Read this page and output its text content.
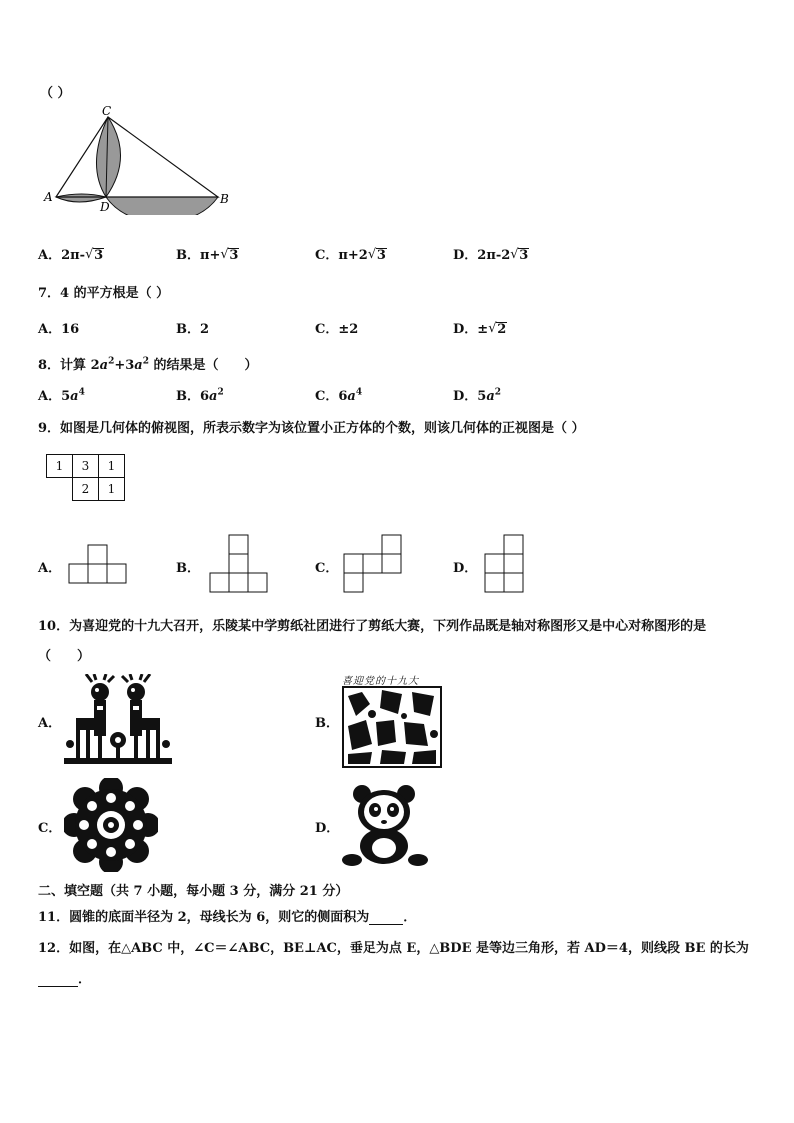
（ ）
C
A
D
B
A．2π- √ 3	B．π+ √ 3	C．π+2 √ 3	D．2π-2 √ 3
7．4 的平方根是（ ）
A．16	B．2	C．±2	D．± √ 2
8．计算 $2a^2+3a^2$ 的结果是（　　）
A．$5a^4$	B．$6a^2$	C．$6a^4$	D．$5a^2$
9．如图是几何体的俯视图，所表示数字为该位置小正方体的个数，则该几何体的正视图是（ ）
1	3	1
	2	1
A．	B．	C．	D．
10．为喜迎党的十九大召开，乐陵某中学剪纸社团进行了剪纸大赛，下列作品既是轴对称图形又是中心对称图形的是
（　　）
A．	B．
喜迎党的十九大
C．	D．
二、填空题（共 7 小题，每小题 3 分，满分 21 分）
11．圆锥的底面半径为 2，母线长为 6，则它的侧面积为	．
12．如图，在△ABC 中，∠C＝∠ABC，BE⊥AC，垂足为点 E，△BDE 是等边三角形，若 AD＝4，则线段 BE 的长为
．
